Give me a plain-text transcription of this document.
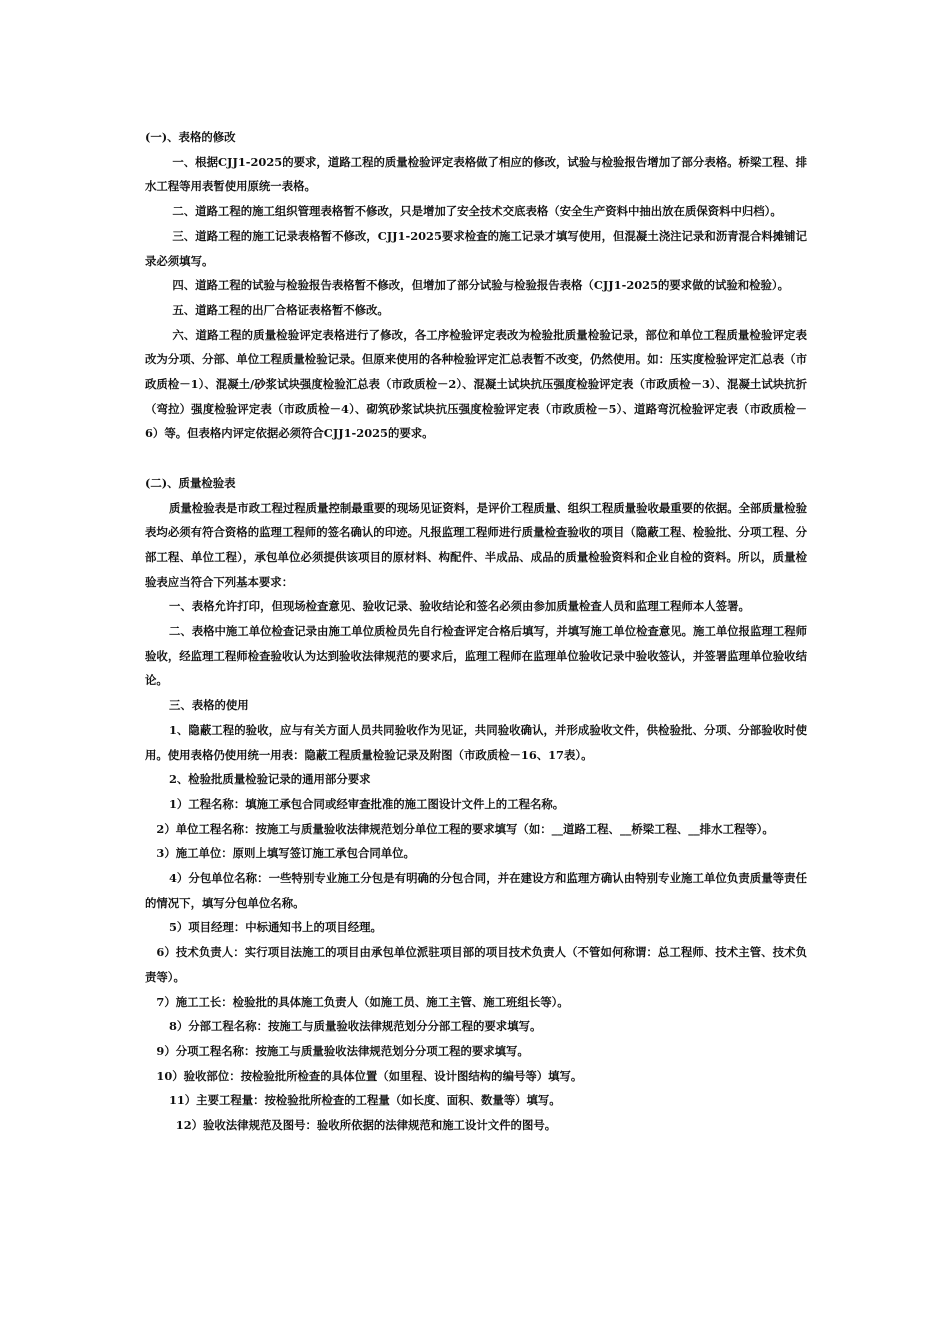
(一)、表格的修改

一、根据CJJ1-2025的要求，道路工程的质量检验评定表格做了相应的修改，试验与检验报告增加了部分表格。桥梁工程、排水工程等用表暂使用原统一表格。

二、道路工程的施工组织管理表格暂不修改，只是增加了安全技术交底表格（安全生产资料中抽出放在质保资料中归档）。

三、道路工程的施工记录表格暂不修改，CJJ1-2025要求检查的施工记录才填写使用，但混凝土浇注记录和沥青混合料摊铺记录必须填写。

四、道路工程的试验与检验报告表格暂不修改，但增加了部分试验与检验报告表格（CJJ1-2025的要求做的试验和检验）。

五、道路工程的出厂合格证表格暂不修改。

六、道路工程的质量检验评定表格进行了修改，各工序检验评定表改为检验批质量检验记录，部位和单位工程质量检验评定表改为分项、分部、单位工程质量检验记录。但原来使用的各种检验评定汇总表暂不改变，仍然使用。如：压实度检验评定汇总表（市政质检－1）、混凝土/砂浆试块强度检验汇总表（市政质检－2）、混凝土试块抗压强度检验评定表（市政质检－3）、混凝土试块抗折（弯拉）强度检验评定表（市政质检－4）、砌筑砂浆试块抗压强度检验评定表（市政质检－5）、道路弯沉检验评定表（市政质检－6）等。但表格内评定依据必须符合CJJ1-2025的要求。

(二)、质量检验表

质量检验表是市政工程过程质量控制最重要的现场见证资料，是评价工程质量、组织工程质量验收最重要的依据。全部质量检验表均必须有符合资格的监理工程师的签名确认的印迹。凡报监理工程师进行质量检查验收的项目（隐蔽工程、检验批、分项工程、分部工程、单位工程），承包单位必须提供该项目的原材料、构配件、半成品、成品的质量检验资料和企业自检的资料。所以，质量检验表应当符合下列基本要求：

一、表格允许打印，但现场检查意见、验收记录、验收结论和签名必须由参加质量检查人员和监理工程师本人签署。

二、表格中施工单位检查记录由施工单位质检员先自行检查评定合格后填写，并填写施工单位检查意见。施工单位报监理工程师验收，经监理工程师检查验收认为达到验收法律规范的要求后，监理工程师在监理单位验收记录中验收签认，并签署监理单位验收结论。

三、表格的使用

1、隐蔽工程的验收，应与有关方面人员共同验收作为见证，共同验收确认，并形成验收文件，供检验批、分项、分部验收时使用。使用表格仍使用统一用表：隐蔽工程质量检验记录及附图（市政质检－16、17表）。

2、检验批质量检验记录的通用部分要求

1）工程名称：填施工承包合同或经审查批准的施工图设计文件上的工程名称。

2）单位工程名称：按施工与质量验收法律规范划分单位工程的要求填写（如：__道路工程、__桥梁工程、__排水工程等）。

3）施工单位：原则上填写签订施工承包合同单位。

4）分包单位名称：一些特别专业施工分包是有明确的分包合同，并在建设方和监理方确认由特别专业施工单位负责质量等责任的情况下，填写分包单位名称。

5）项目经理：中标通知书上的项目经理。

6）技术负责人：实行项目法施工的项目由承包单位派驻项目部的项目技术负责人（不管如何称谓：总工程师、技术主管、技术负责等）。

7）施工工长：检验批的具体施工负责人（如施工员、施工主管、施工班组长等）。

8）分部工程名称：按施工与质量验收法律规范划分分部工程的要求填写。

9）分项工程名称：按施工与质量验收法律规范划分分项工程的要求填写。

10）验收部位：按检验批所检查的具体位置（如里程、设计图结构的编号等）填写。

11）主要工程量：按检验批所检查的工程量（如长度、面积、数量等）填写。

12）验收法律规范及图号：验收所依据的法律规范和施工设计文件的图号。
